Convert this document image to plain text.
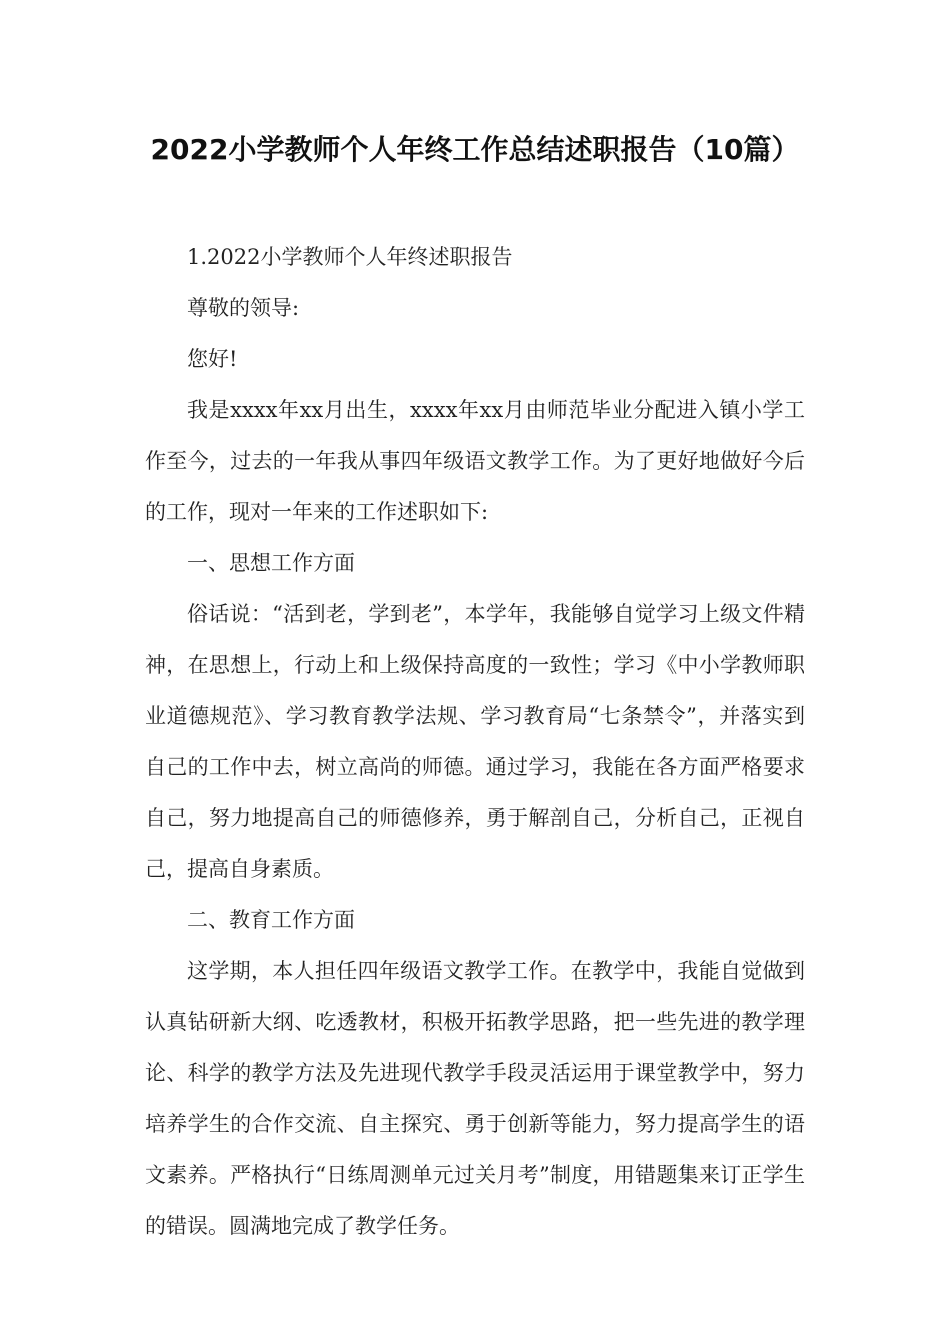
2022小学教师个人年终工作总结述职报告（10篇）

1.2022小学教师个人年终述职报告

尊敬的领导:

您好!

我是xxxx年xx月出生，xxxx年xx月由师范毕业分配进入镇小学工作至今，过去的一年我从事四年级语文教学工作。为了更好地做好今后的工作，现对一年来的工作述职如下:

一、思想工作方面

俗话说：“活到老，学到老”，本学年，我能够自觉学习上级文件精神，在思想上，行动上和上级保持高度的一致性；学习《中小学教师职业道德规范》、学习教育教学法规、学习教育局“七条禁令”，并落实到自己的工作中去，树立高尚的师德。通过学习，我能在各方面严格要求自己，努力地提高自己的师德修养，勇于解剖自己，分析自己，正视自己，提高自身素质。

二、教育工作方面

这学期，本人担任四年级语文教学工作。在教学中，我能自觉做到认真钻研新大纲、吃透教材，积极开拓教学思路，把一些先进的教学理论、科学的教学方法及先进现代教学手段灵活运用于课堂教学中，努力培养学生的合作交流、自主探究、勇于创新等能力，努力提高学生的语文素养。严格执行“日练周测单元过关月考”制度，用错题集来订正学生的错误。圆满地完成了教学任务。
